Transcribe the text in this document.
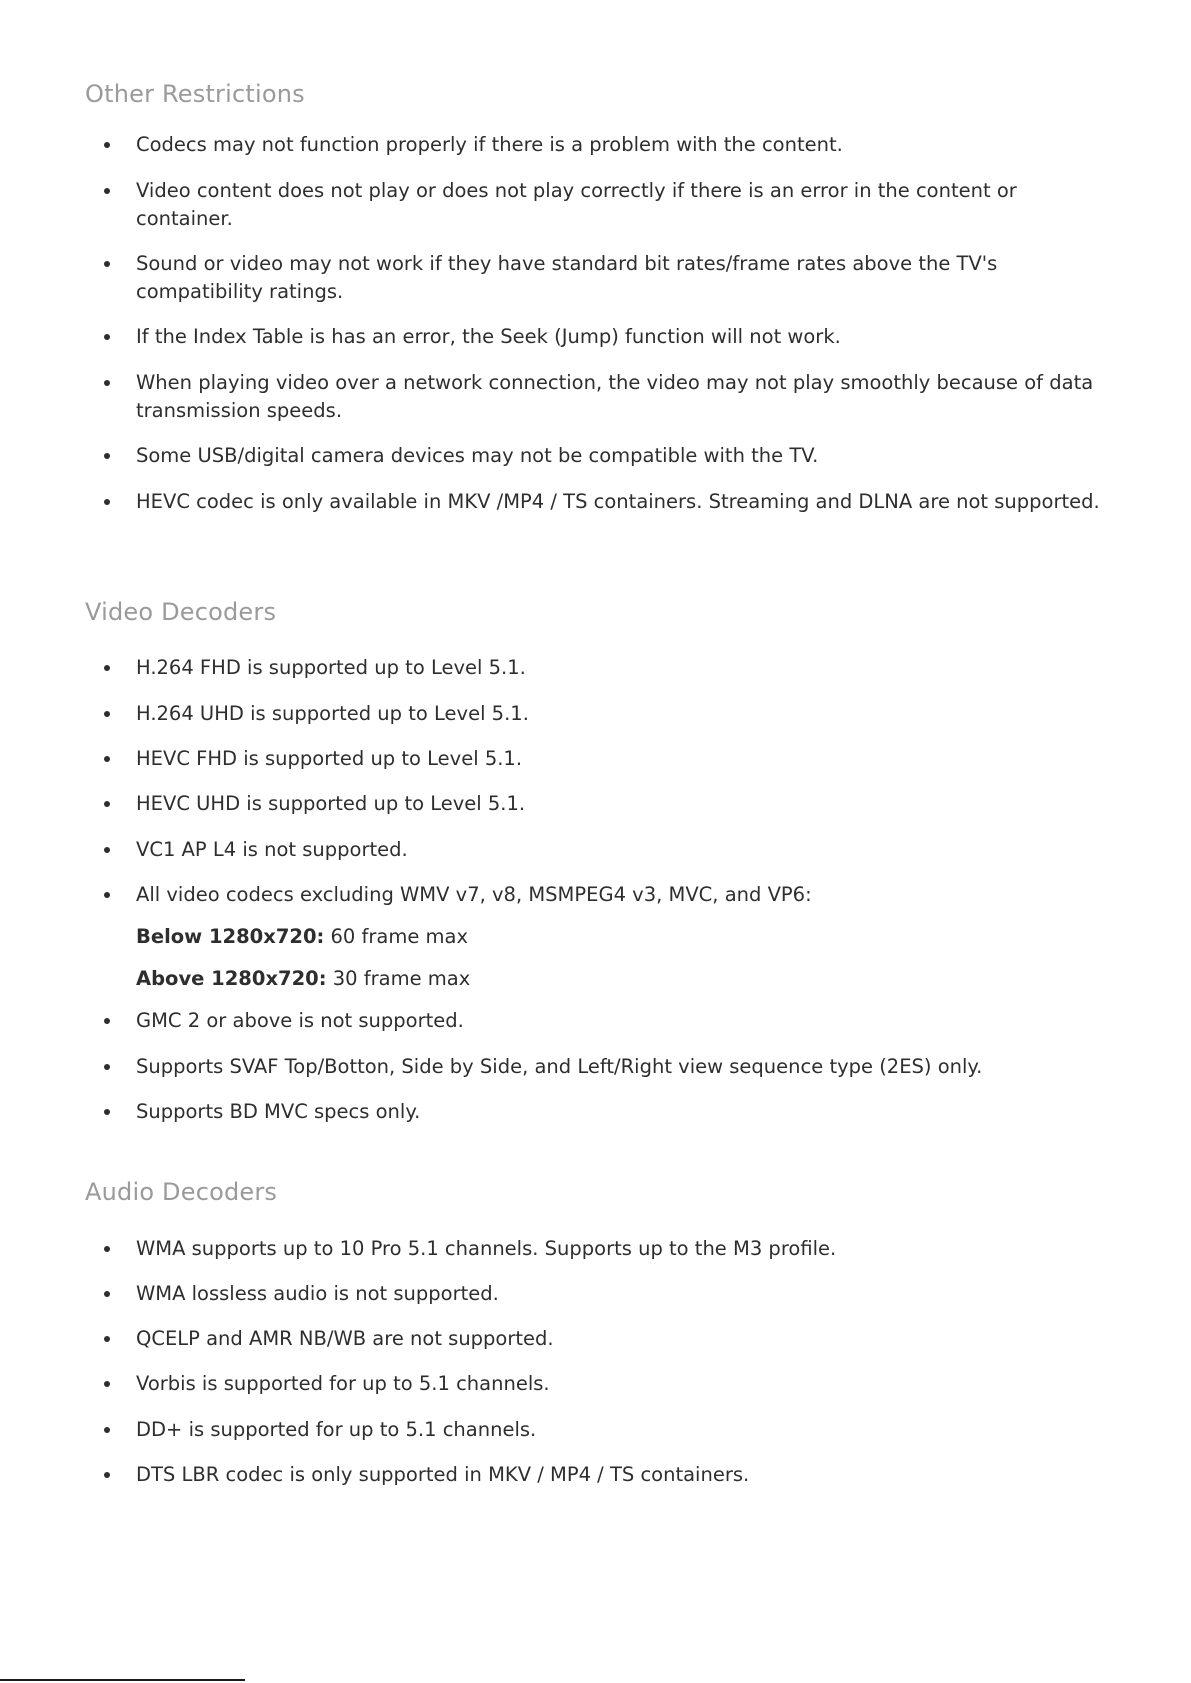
Other Restrictions
Codecs may not function properly if there is a problem with the content.
Video content does not play or does not play correctly if there is an error in the content or container.
Sound or video may not work if they have standard bit rates/frame rates above the TV's compatibility ratings.
If the Index Table is has an error, the Seek (Jump) function will not work.
When playing video over a network connection, the video may not play smoothly because of data transmission speeds.
Some USB/digital camera devices may not be compatible with the TV.
HEVC codec is only available in MKV /MP4 / TS containers. Streaming and DLNA are not supported.
Video Decoders
H.264 FHD is supported up to Level 5.1.
H.264 UHD is supported up to Level 5.1.
HEVC FHD is supported up to Level 5.1.
HEVC UHD is supported up to Level 5.1.
VC1 AP L4 is not supported.
All video codecs excluding WMV v7, v8, MSMPEG4 v3, MVC, and VP6:
Below 1280x720: 60 frame max
Above 1280x720: 30 frame max
GMC 2 or above is not supported.
Supports SVAF Top/Botton, Side by Side, and Left/Right view sequence type (2ES) only.
Supports BD MVC specs only.
Audio Decoders
WMA supports up to 10 Pro 5.1 channels. Supports up to the M3 profile.
WMA lossless audio is not supported.
QCELP and AMR NB/WB are not supported.
Vorbis is supported for up to 5.1 channels.
DD+ is supported for up to 5.1 channels.
DTS LBR codec is only supported in MKV / MP4 / TS containers.
